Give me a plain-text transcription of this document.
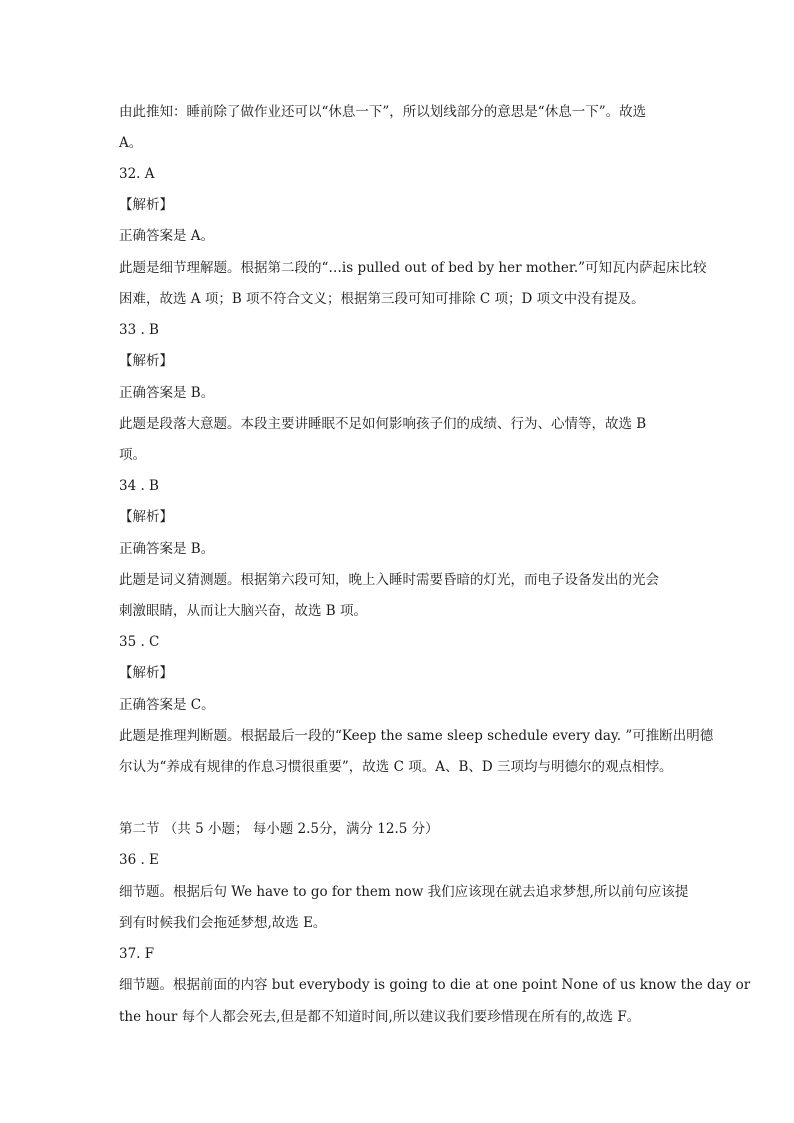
由此推知：睡前除了做作业还可以“休息一下”，所以划线部分的意思是“休息一下”。故选
A。
32. A
【解析】
正确答案是 A。
此题是细节理解题。根据第二段的“…is pulled out of bed by her mother.”可知瓦内萨起床比较
困难，故选 A 项；B 项不符合文义；根据第三段可知可排除 C 项；D 项文中没有提及。
33 . B
【解析】
正确答案是 B。
此题是段落大意题。本段主要讲睡眠不足如何影响孩子们的成绩、行为、心情等，故选 B
项。
34 . B
【解析】
正确答案是 B。
此题是词义猜测题。根据第六段可知，晚上入睡时需要昏暗的灯光，而电子设备发出的光会
刺激眼睛，从而让大脑兴奋，故选 B 项。
35 . C
【解析】
正确答案是 C。
此题是推理判断题。根据最后一段的“Keep the same sleep schedule every day. ”可推断出明德
尔认为“养成有规律的作息习惯很重要”，故选 C 项。A、B、D 三项均与明德尔的观点相悖。
第二节 （共 5 小题； 每小题 2.5分，满分 12.5 分）
36 . E
细节题。根据后句 We have to go for them now 我们应该现在就去追求梦想,所以前句应该提
到有时候我们会拖延梦想,故选 E。
37. F
细节题。根据前面的内容 but everybody is going to die at one point None of us know the day or
the hour 每个人都会死去,但是都不知道时间,所以建议我们要珍惜现在所有的,故选 F。
